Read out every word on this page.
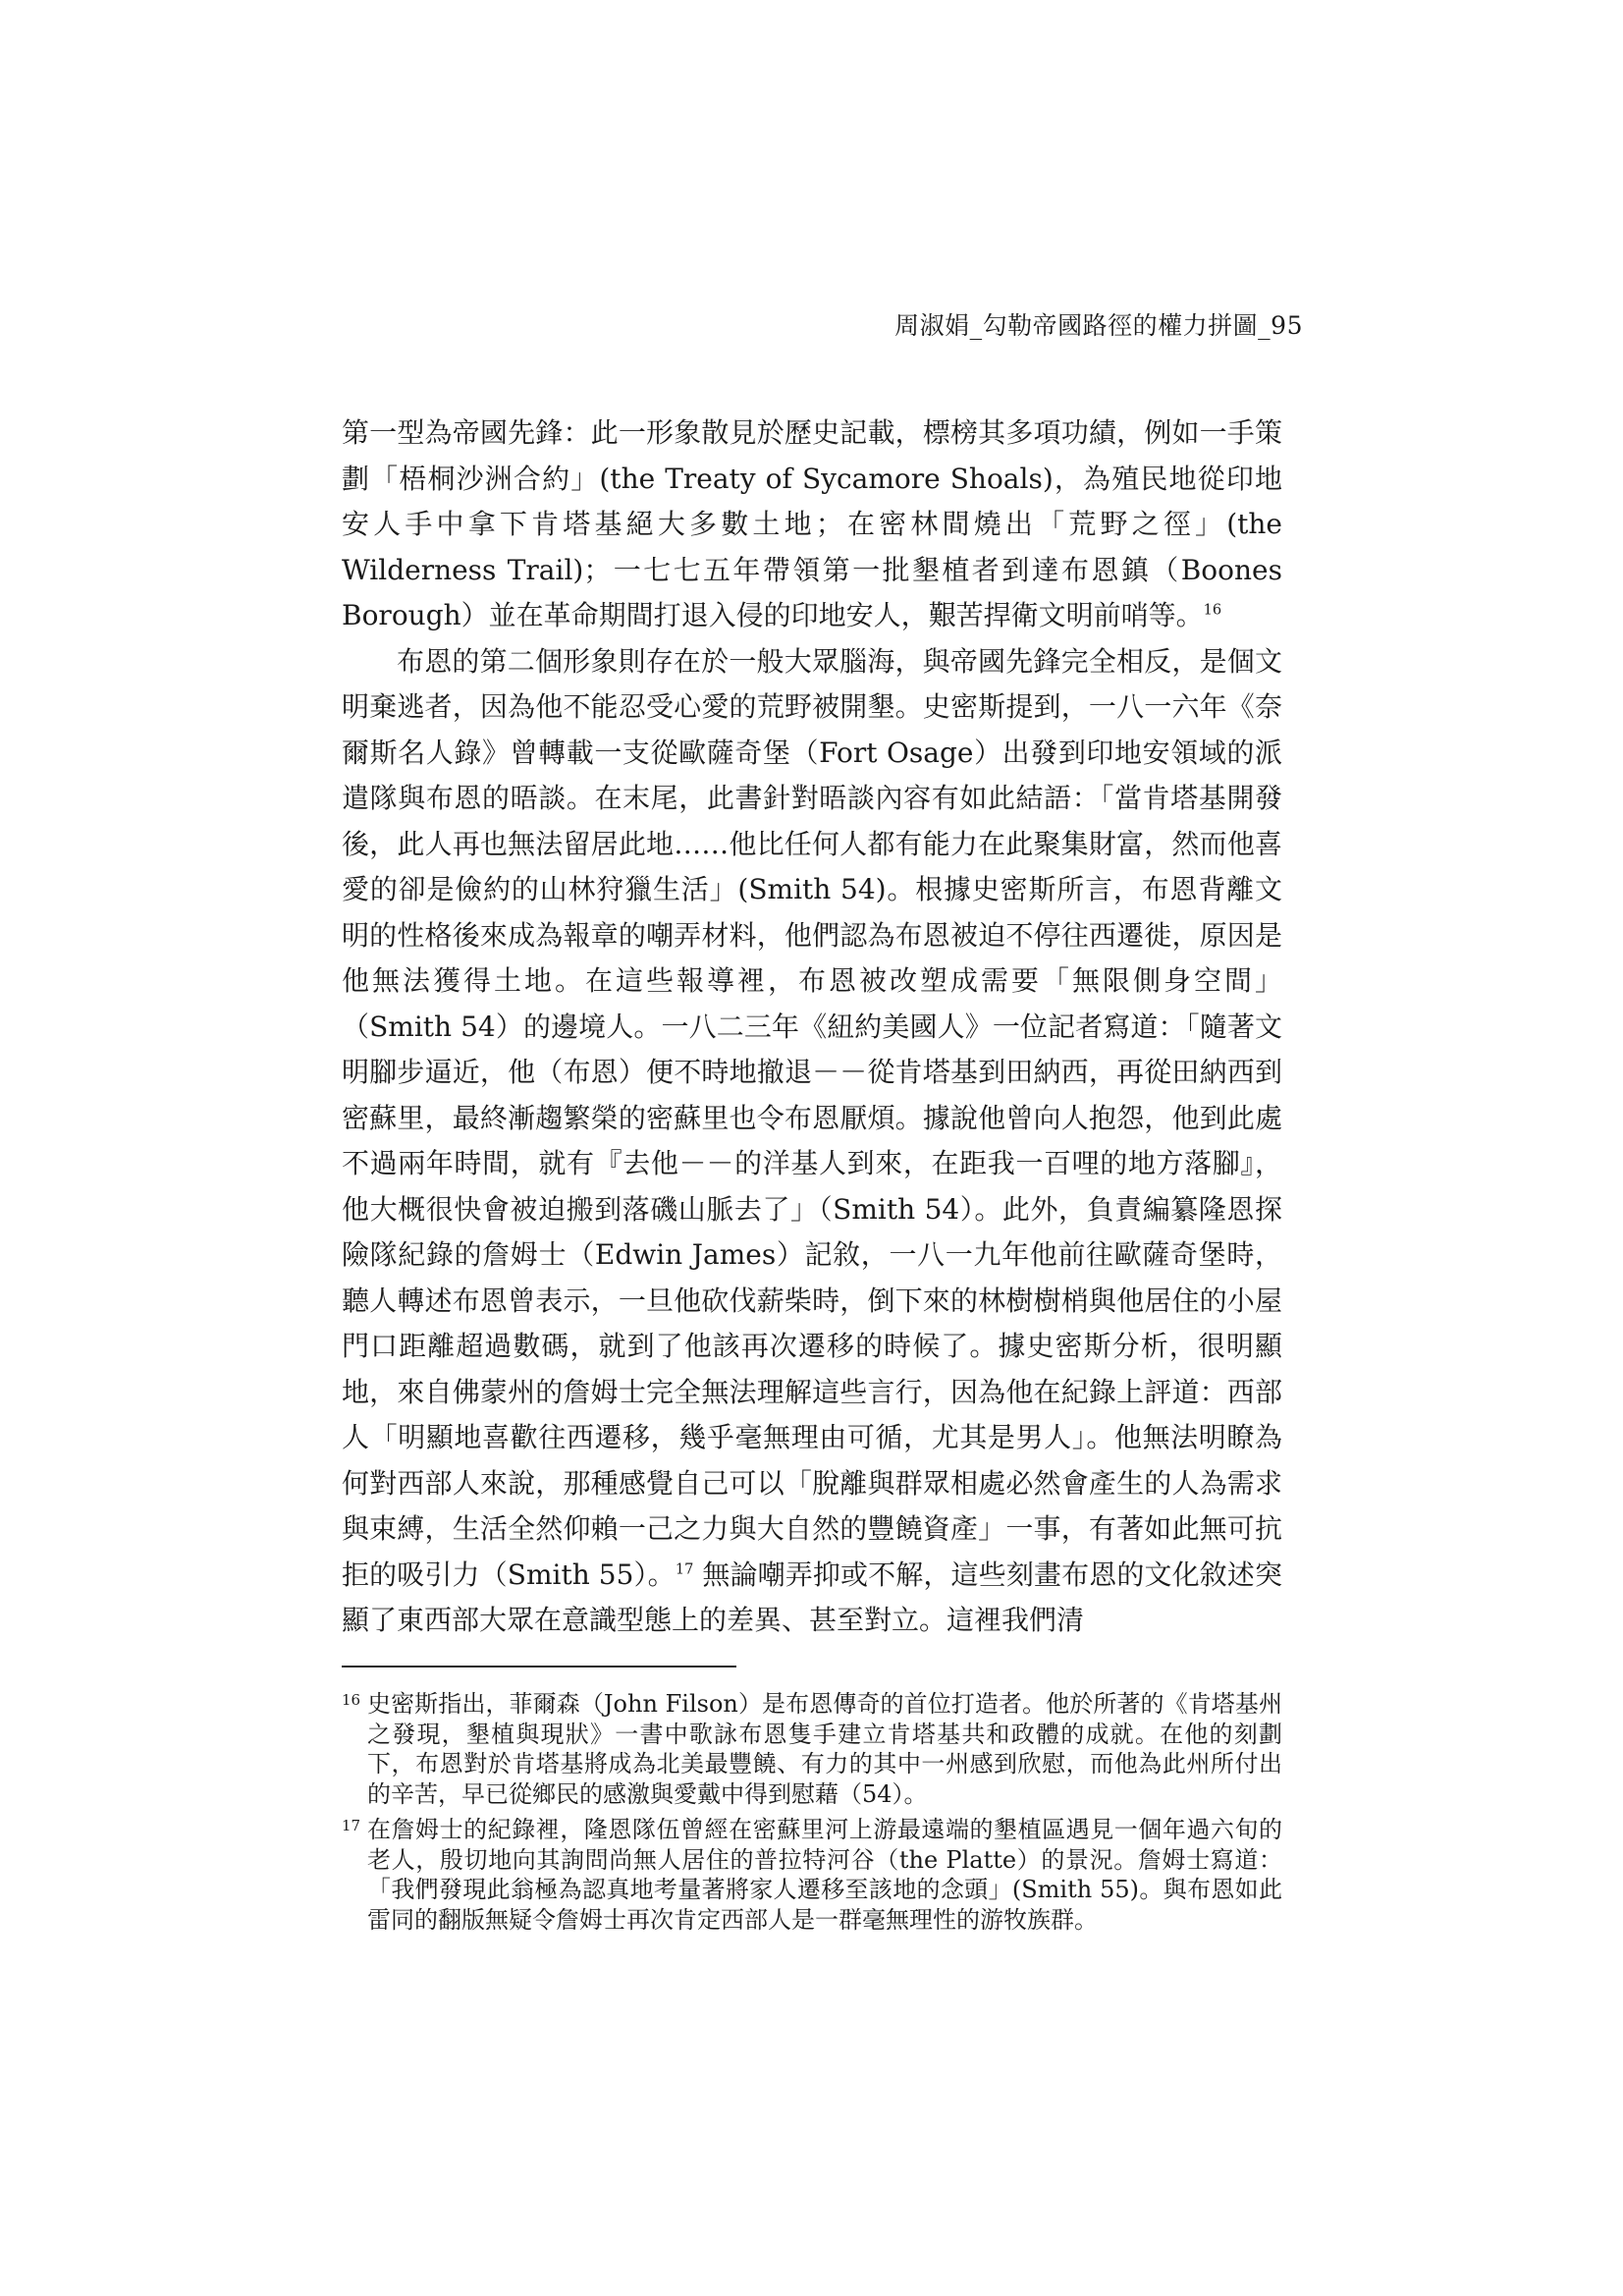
周淑娟_勾勒帝國路徑的權力拼圖_95

第一型為帝國先鋒：此一形象散見於歷史記載，標榜其多項功績，例如一手策劃「梧桐沙洲合約」(the Treaty of Sycamore Shoals)，為殖民地從印地安人手中拿下肯塔基絕大多數土地；在密林間燒出「荒野之徑」(the Wilderness Trail)；一七七五年帶領第一批墾植者到達布恩鎮（Boones Borough）並在革命期間打退入侵的印地安人，艱苦捍衛文明前哨等。$^{16}$

布恩的第二個形象則存在於一般大眾腦海，與帝國先鋒完全相反，是個文明棄逃者，因為他不能忍受心愛的荒野被開墾。史密斯提到，一八一六年《奈爾斯名人錄》曾轉載一支從歐薩奇堡（Fort Osage）出發到印地安領域的派遣隊與布恩的晤談。在末尾，此書針對晤談內容有如此結語：「當肯塔基開發後，此人再也無法留居此地……他比任何人都有能力在此聚集財富，然而他喜愛的卻是儉約的山林狩獵生活」(Smith 54)。根據史密斯所言，布恩背離文明的性格後來成為報章的嘲弄材料，他們認為布恩被迫不停往西遷徙，原因是他無法獲得土地。在這些報導裡，布恩被改塑成需要「無限側身空間」（Smith 54）的邊境人。一八二三年《紐約美國人》一位記者寫道：「隨著文明腳步逼近，他（布恩）便不時地撤退－－從肯塔基到田納西，再從田納西到密蘇里，最終漸趨繁榮的密蘇里也令布恩厭煩。據說他曾向人抱怨，他到此處不過兩年時間，就有『去他－－的洋基人到來，在距我一百哩的地方落腳』，他大概很快會被迫搬到落磯山脈去了」（Smith 54）。此外，負責編纂隆恩探險隊紀錄的詹姆士（Edwin James）記敘，一八一九年他前往歐薩奇堡時，聽人轉述布恩曾表示，一旦他砍伐薪柴時，倒下來的林樹樹梢與他居住的小屋門口距離超過數碼，就到了他該再次遷移的時候了。據史密斯分析，很明顯地，來自佛蒙州的詹姆士完全無法理解這些言行，因為他在紀錄上評道：西部人「明顯地喜歡往西遷移，幾乎毫無理由可循，尤其是男人」。他無法明瞭為何對西部人來說，那種感覺自己可以「脫離與群眾相處必然會產生的人為需求與束縛，生活全然仰賴一己之力與大自然的豐饒資產」一事，有著如此無可抗拒的吸引力（Smith 55）。$^{17}$ 無論嘲弄抑或不解，這些刻畫布恩的文化敘述突顯了東西部大眾在意識型態上的差異、甚至對立。這裡我們清

16 史密斯指出，菲爾森（John Filson）是布恩傳奇的首位打造者。他於所著的《肯塔基州之發現，墾植與現狀》一書中歌詠布恩隻手建立肯塔基共和政體的成就。在他的刻劃下，布恩對於肯塔基將成為北美最豐饒、有力的其中一州感到欣慰，而他為此州所付出的辛苦，早已從鄉民的感激與愛戴中得到慰藉（54）。
17 在詹姆士的紀錄裡，隆恩隊伍曾經在密蘇里河上游最遠端的墾植區遇見一個年過六旬的老人，殷切地向其詢問尚無人居住的普拉特河谷（the Platte）的景況。詹姆士寫道：「我們發現此翁極為認真地考量著將家人遷移至該地的念頭」(Smith 55)。與布恩如此雷同的翻版無疑令詹姆士再次肯定西部人是一群毫無理性的游牧族群。
